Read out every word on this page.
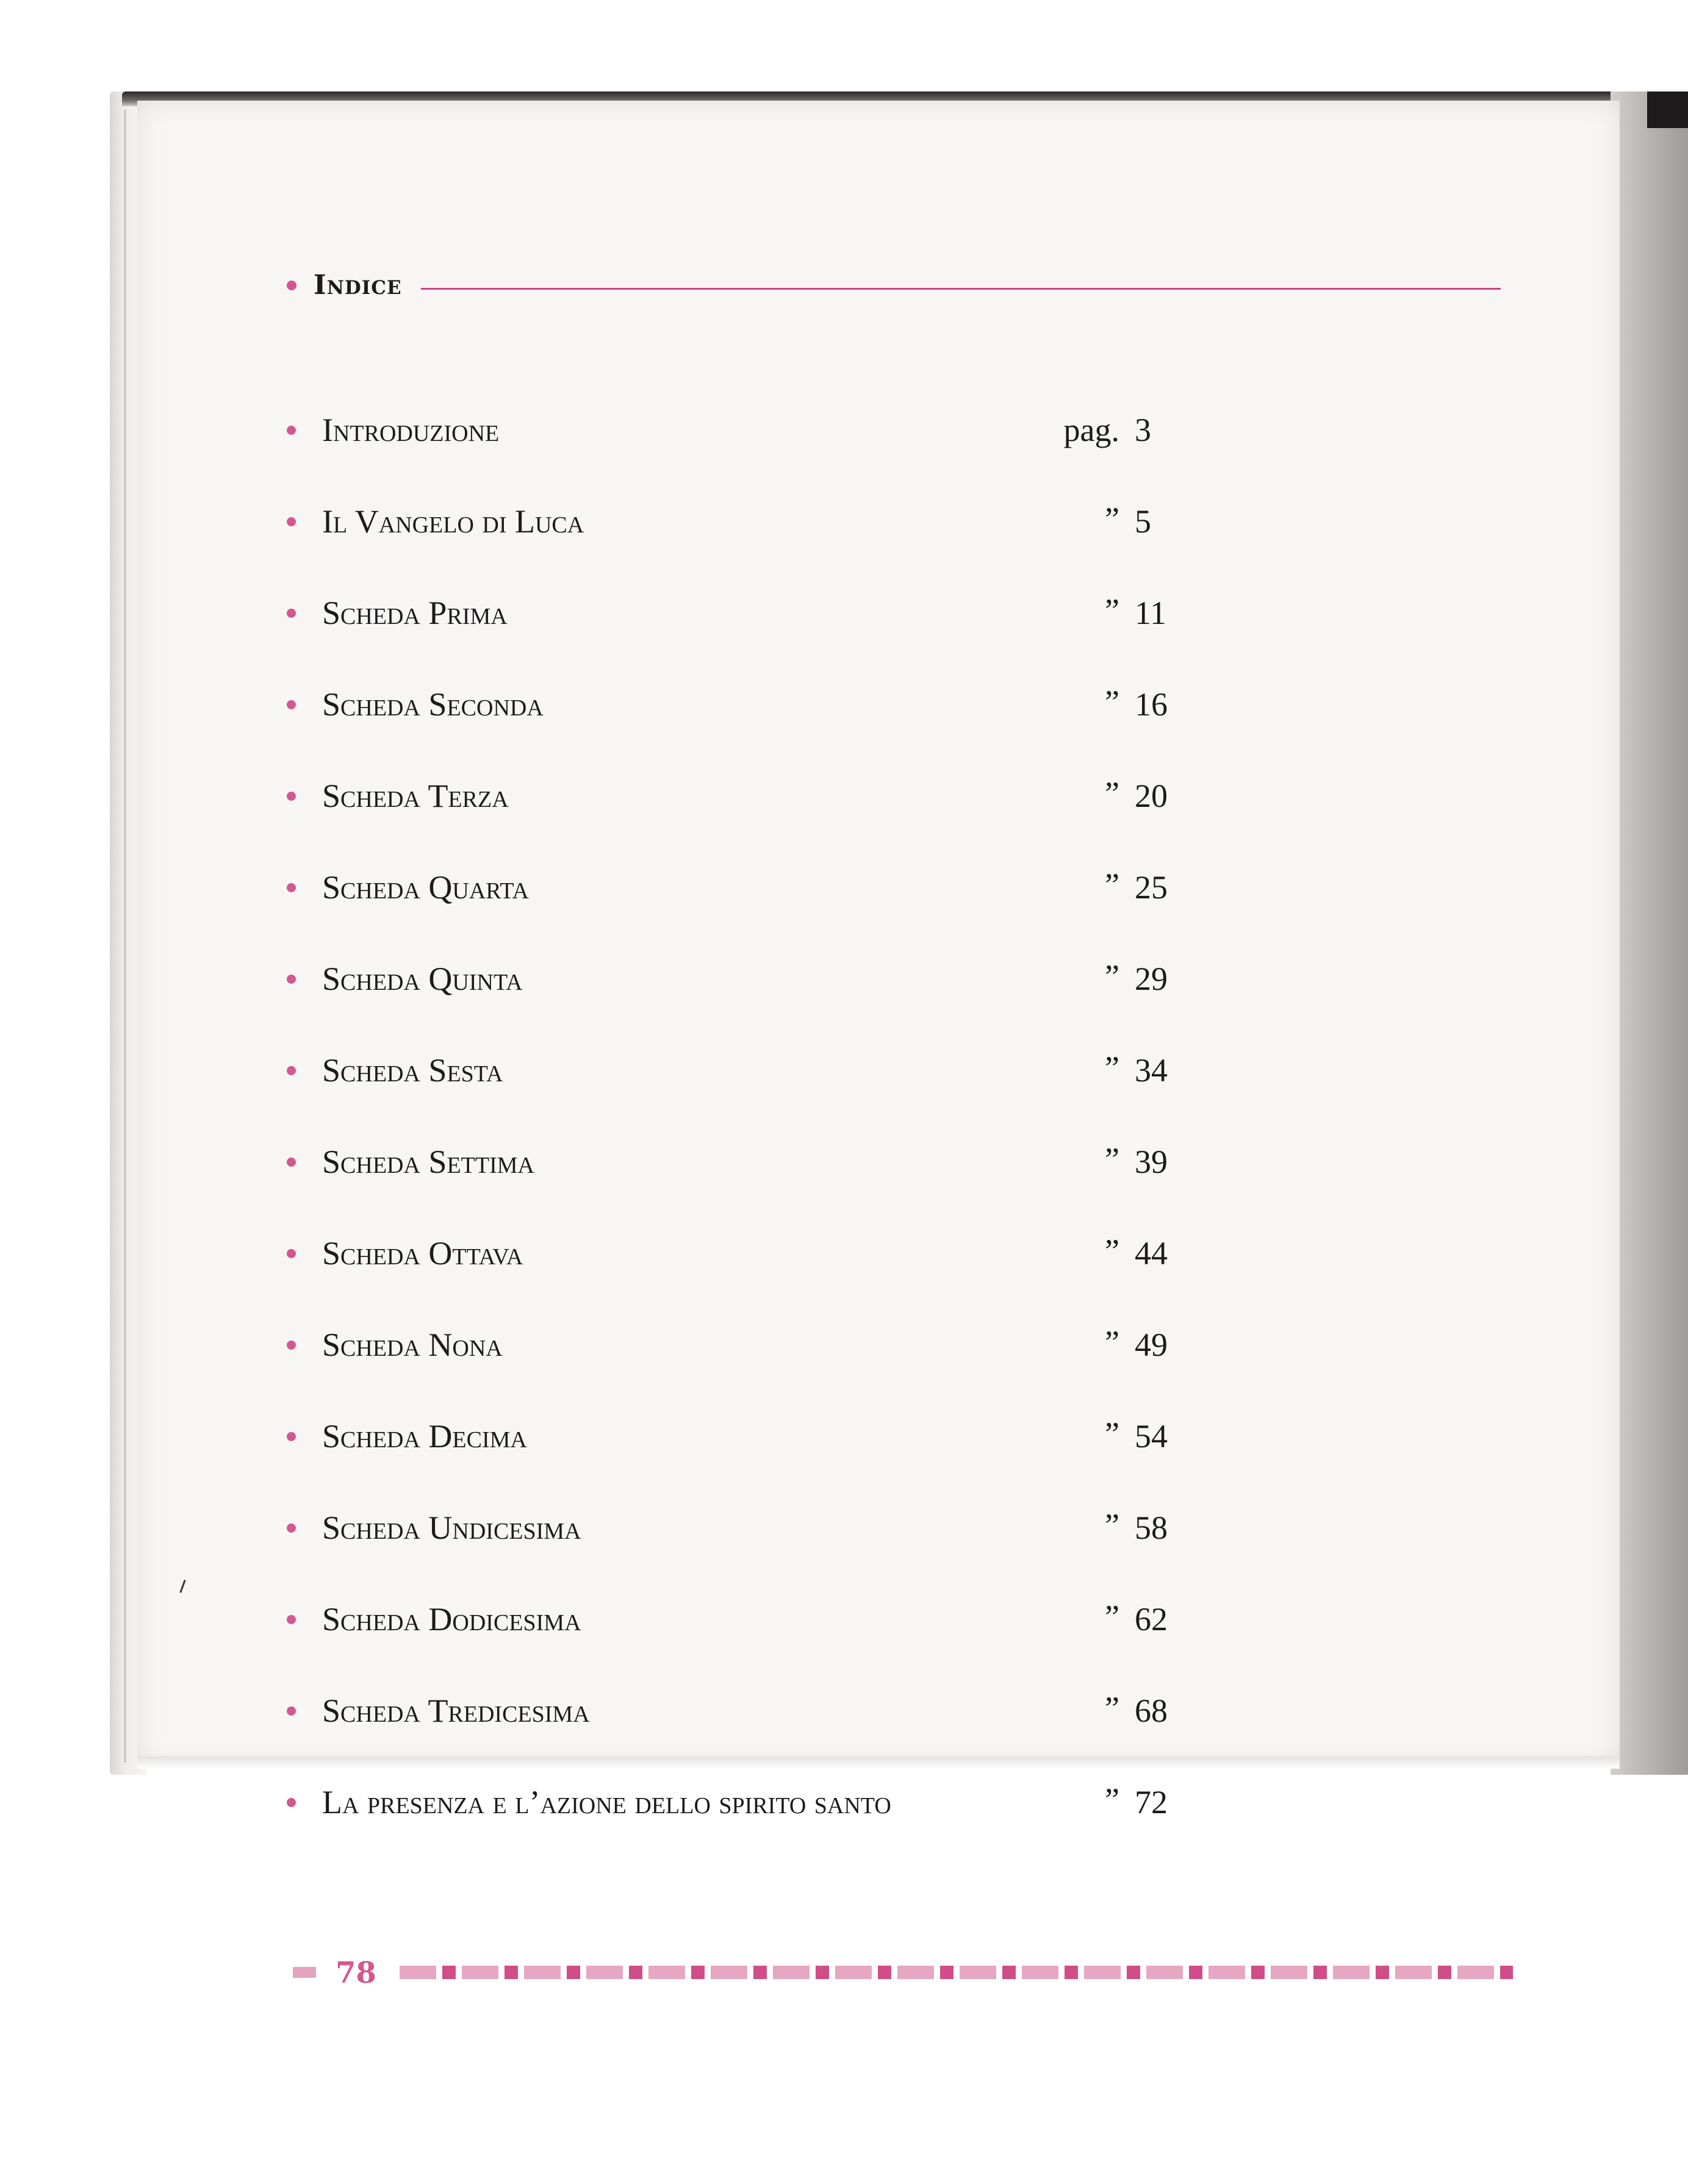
Indice
Introduzione	pag. 3
Il Vangelo di Luca	” 5
Scheda Prima	” 11
Scheda Seconda	” 16
Scheda Terza	” 20
Scheda Quarta	” 25
Scheda Quinta	” 29
Scheda Sesta	” 34
Scheda Settima	” 39
Scheda Ottava	” 44
Scheda Nona	” 49
Scheda Decima	” 54
Scheda Undicesima	” 58
Scheda Dodicesima	” 62
Scheda Tredicesima	” 68
La presenza e l’azione dello spirito santo	” 72
78
